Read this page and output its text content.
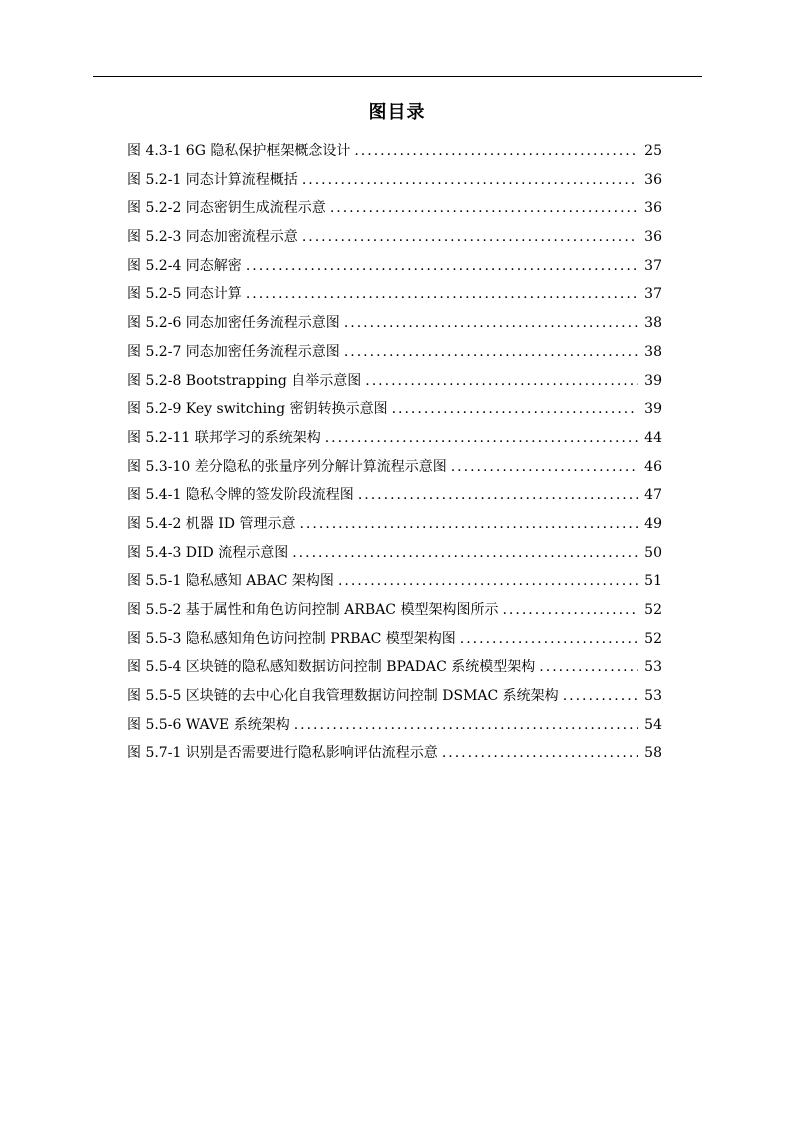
图目录
图 4.3-1 6G 隐私保护框架概念设计 .....	25
图 5.2-1 同态计算流程概括 .....	36
图 5.2-2 同态密钥生成流程示意 .....	36
图 5.2-3 同态加密流程示意 .....	36
图 5.2-4 同态解密 .....	37
图 5.2-5 同态计算 .....	37
图 5.2-6 同态加密任务流程示意图 .....	38
图 5.2-7 同态加密任务流程示意图 .....	38
图 5.2-8 Bootstrapping 自举示意图 .....	39
图 5.2-9 Key switching 密钥转换示意图 .....	39
图 5.2-11 联邦学习的系统架构 .....	44
图 5.3-10 差分隐私的张量序列分解计算流程示意图 .....	46
图 5.4-1 隐私令牌的签发阶段流程图 .....	47
图 5.4-2 机器 ID 管理示意 .....	49
图 5.4-3 DID 流程示意图 .....	50
图 5.5-1 隐私感知 ABAC 架构图 .....	51
图 5.5-2 基于属性和角色访问控制 ARBAC 模型架构图所示 .....	52
图 5.5-3 隐私感知角色访问控制 PRBAC 模型架构图 .....	52
图 5.5-4 区块链的隐私感知数据访问控制 BPADAC 系统模型架构 .....	53
图 5.5-5 区块链的去中心化自我管理数据访问控制 DSMAC 系统架构 .....	53
图 5.5-6 WAVE 系统架构 .....	54
图 5.7-1 识别是否需要进行隐私影响评估流程示意 .....	58
